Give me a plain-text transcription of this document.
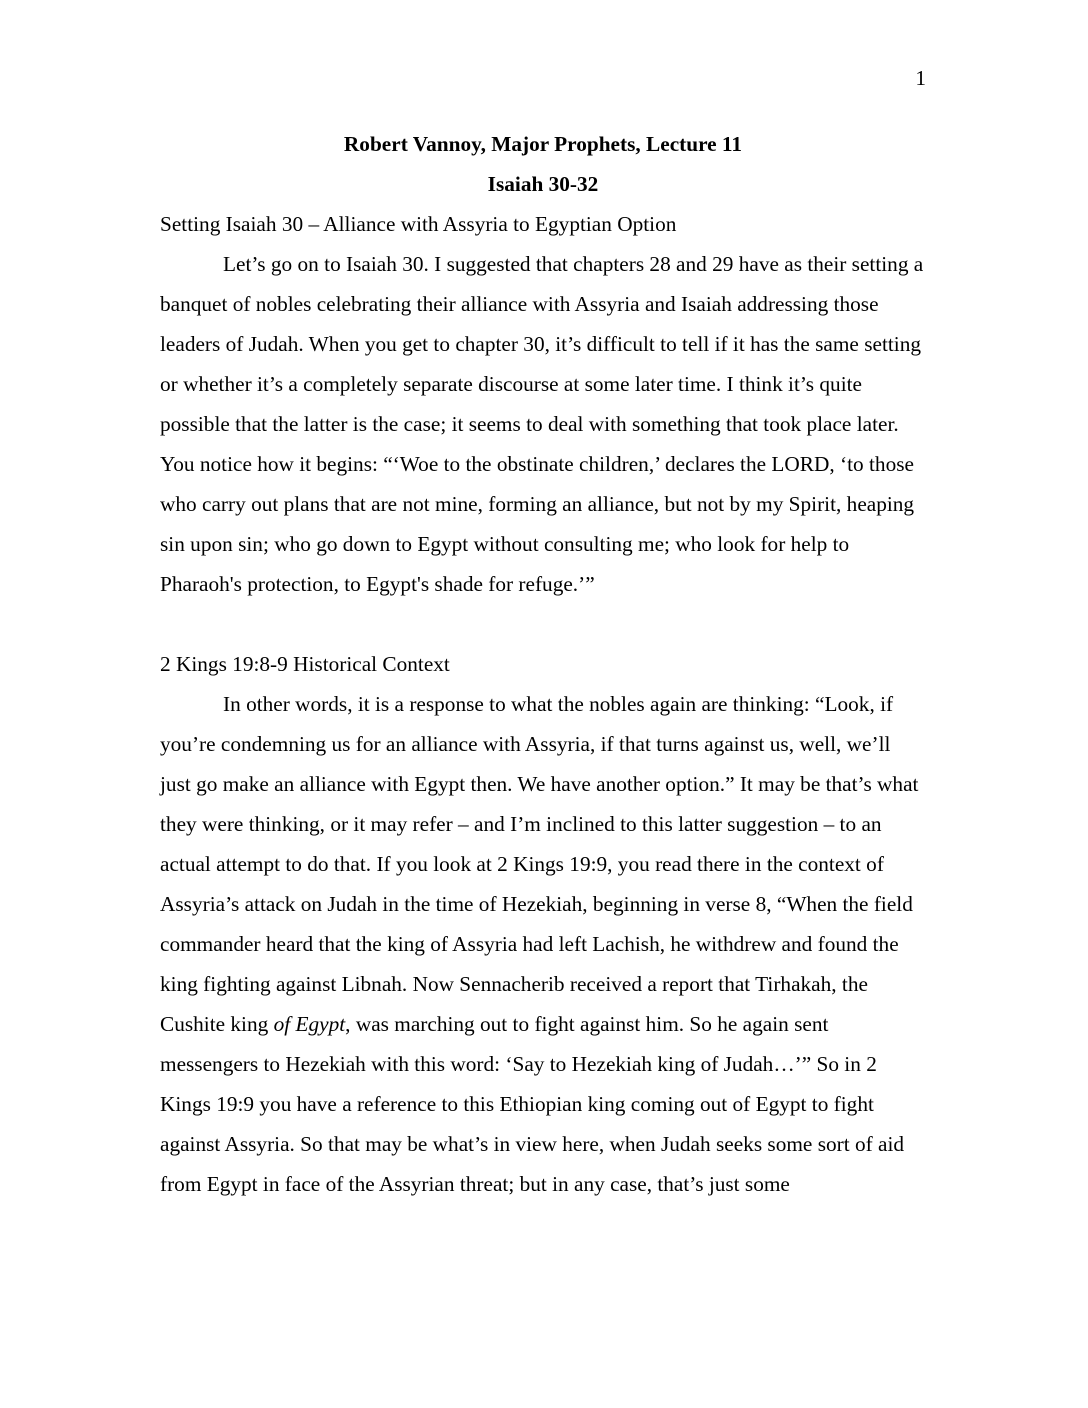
1
Robert Vannoy, Major Prophets, Lecture 11
Isaiah 30-32
Setting Isaiah 30 – Alliance with Assyria to Egyptian Option

Let’s go on to Isaiah 30. I suggested that chapters 28 and 29 have as their setting a banquet of nobles celebrating their alliance with Assyria and Isaiah addressing those leaders of Judah. When you get to chapter 30, it’s difficult to tell if it has the same setting or whether it’s a completely separate discourse at some later time. I think it’s quite possible that the latter is the case; it seems to deal with something that took place later. You notice how it begins: “‘Woe to the obstinate children,’ declares the LORD, ‘to those who carry out plans that are not mine, forming an alliance, but not by my Spirit, heaping sin upon sin; who go down to Egypt without consulting me; who look for help to Pharaoh's protection, to Egypt's shade for refuge.’”

2 Kings 19:8-9 Historical Context

In other words, it is a response to what the nobles again are thinking: “Look, if you’re condemning us for an alliance with Assyria, if that turns against us, well, we’ll just go make an alliance with Egypt then. We have another option.” It may be that’s what they were thinking, or it may refer – and I’m inclined to this latter suggestion – to an actual attempt to do that. If you look at 2 Kings 19:9, you read there in the context of Assyria’s attack on Judah in the time of Hezekiah, beginning in verse 8, “When the field commander heard that the king of Assyria had left Lachish, he withdrew and found the king fighting against Libnah. Now Sennacherib received a report that Tirhakah, the Cushite king of Egypt, was marching out to fight against him. So he again sent messengers to Hezekiah with this word: ‘Say to Hezekiah king of Judah…’” So in 2 Kings 19:9 you have a reference to this Ethiopian king coming out of Egypt to fight against Assyria. So that may be what’s in view here, when Judah seeks some sort of aid from Egypt in face of the Assyrian threat; but in any case, that’s just some
